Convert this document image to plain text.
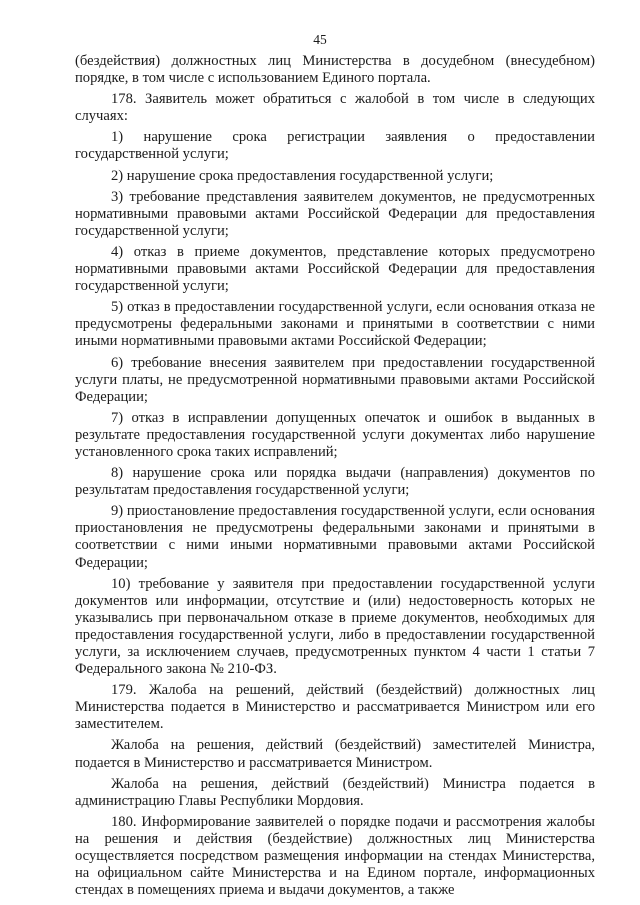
45

(бездействия) должностных лиц Министерства в досудебном (внесудебном) порядке, в том числе с использованием Единого портала.

178. Заявитель может обратиться с жалобой в том числе в следующих случаях:

1) нарушение срока регистрации заявления о предоставлении государственной услуги;

2) нарушение срока предоставления государственной услуги;

3) требование представления заявителем документов, не предусмотренных нормативными правовыми актами Российской Федерации для предоставления государственной услуги;

4) отказ в приеме документов, представление которых предусмотрено нормативными правовыми актами Российской Федерации для предоставления государственной услуги;

5) отказ в предоставлении государственной услуги, если основания отказа не предусмотрены федеральными законами и принятыми в соответствии с ними иными нормативными правовыми актами Российской Федерации;

6) требование внесения заявителем при предоставлении государственной услуги платы, не предусмотренной нормативными правовыми актами Российской Федерации;

7) отказ в исправлении допущенных опечаток и ошибок в выданных в результате предоставления государственной услуги документах либо нарушение установленного срока таких исправлений;

8) нарушение срока или порядка выдачи (направления) документов по результатам предоставления государственной услуги;

9) приостановление предоставления государственной услуги, если основания приостановления не предусмотрены федеральными законами и принятыми в соответствии с ними иными нормативными правовыми актами Российской Федерации;

10) требование у заявителя при предоставлении государственной услуги документов или информации, отсутствие и (или) недостоверность которых не указывались при первоначальном отказе в приеме документов, необходимых для предоставления государственной услуги, либо в предоставлении государственной услуги, за исключением случаев, предусмотренных пунктом 4 части 1 статьи 7 Федерального закона № 210-ФЗ.

179. Жалоба на решений, действий (бездействий) должностных лиц Министерства подается в Министерство и рассматривается Министром или его заместителем.

Жалоба на решения, действий (бездействий) заместителей Министра, подается в Министерство и рассматривается Министром.

Жалоба на решения, действий (бездействий) Министра подается в администрацию Главы Республики Мордовия.

180. Информирование заявителей о порядке подачи и рассмотрения жалобы на решения и действия (бездействие) должностных лиц Министерства осуществляется посредством размещения информации на стендах Министерства, на официальном сайте Министерства и на Едином портале, информационных стендах в помещениях приема и выдачи документов, а также
